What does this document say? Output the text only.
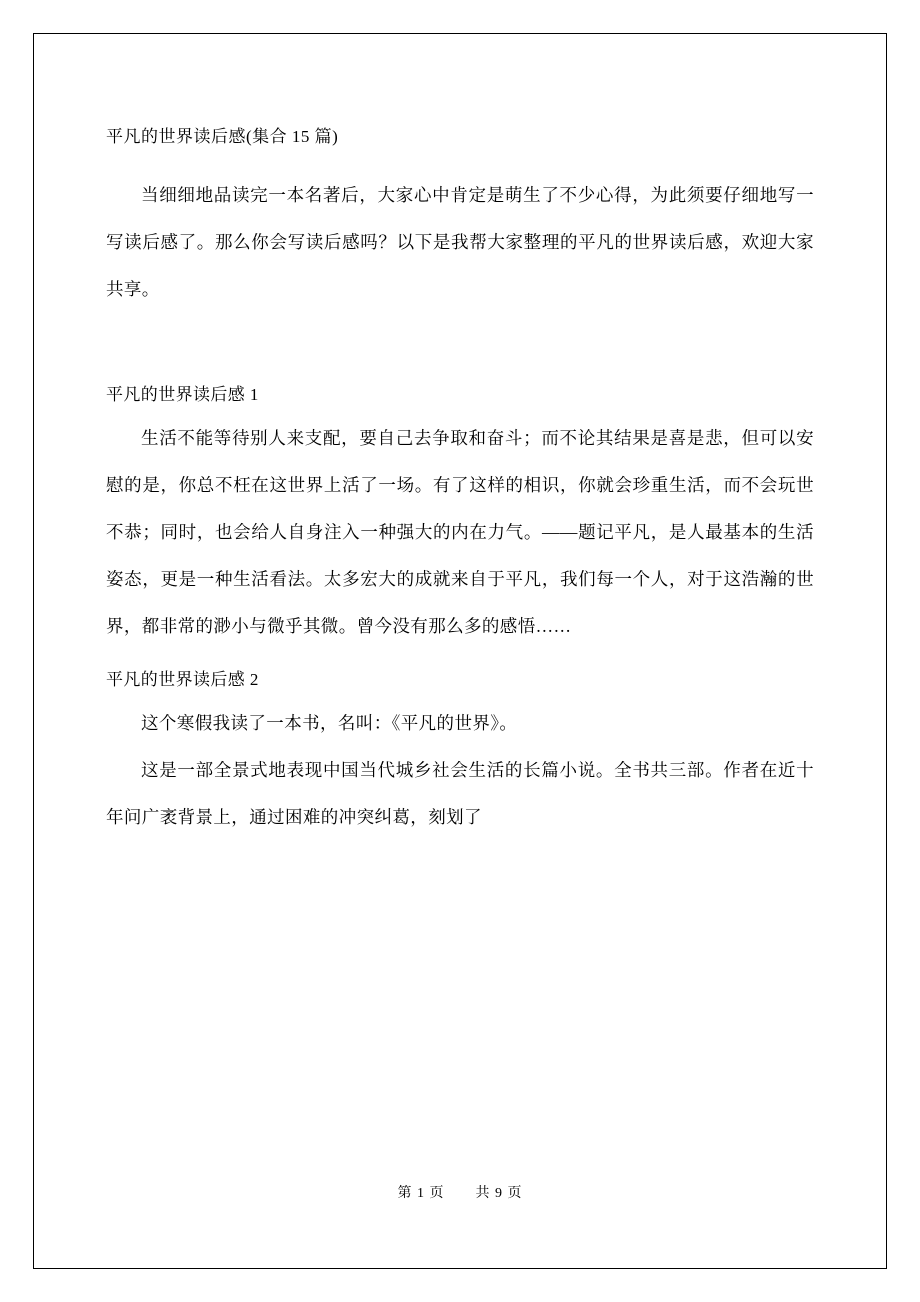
平凡的世界读后感(集合 15 篇)

当细细地品读完一本名著后，大家心中肯定是萌生了不少心得，为此须要仔细地写一写读后感了。那么你会写读后感吗？以下是我帮大家整理的平凡的世界读后感，欢迎大家共享。

平凡的世界读后感 1

生活不能等待别人来支配，要自己去争取和奋斗；而不论其结果是喜是悲，但可以安慰的是，你总不枉在这世界上活了一场。有了这样的相识，你就会珍重生活，而不会玩世不恭；同时，也会给人自身注入一种强大的内在力气。——题记平凡，是人最基本的生活姿态，更是一种生活看法。太多宏大的成就来自于平凡，我们每一个人，对于这浩瀚的世界，都非常的渺小与微乎其微。曾今没有那么多的感悟……

平凡的世界读后感 2

这个寒假我读了一本书，名叫：《平凡的世界》。

这是一部全景式地表现中国当代城乡社会生活的长篇小说。全书共三部。作者在近十年问广袤背景上，通过困难的冲突纠葛，刻划了

第 1 页 共 9 页
